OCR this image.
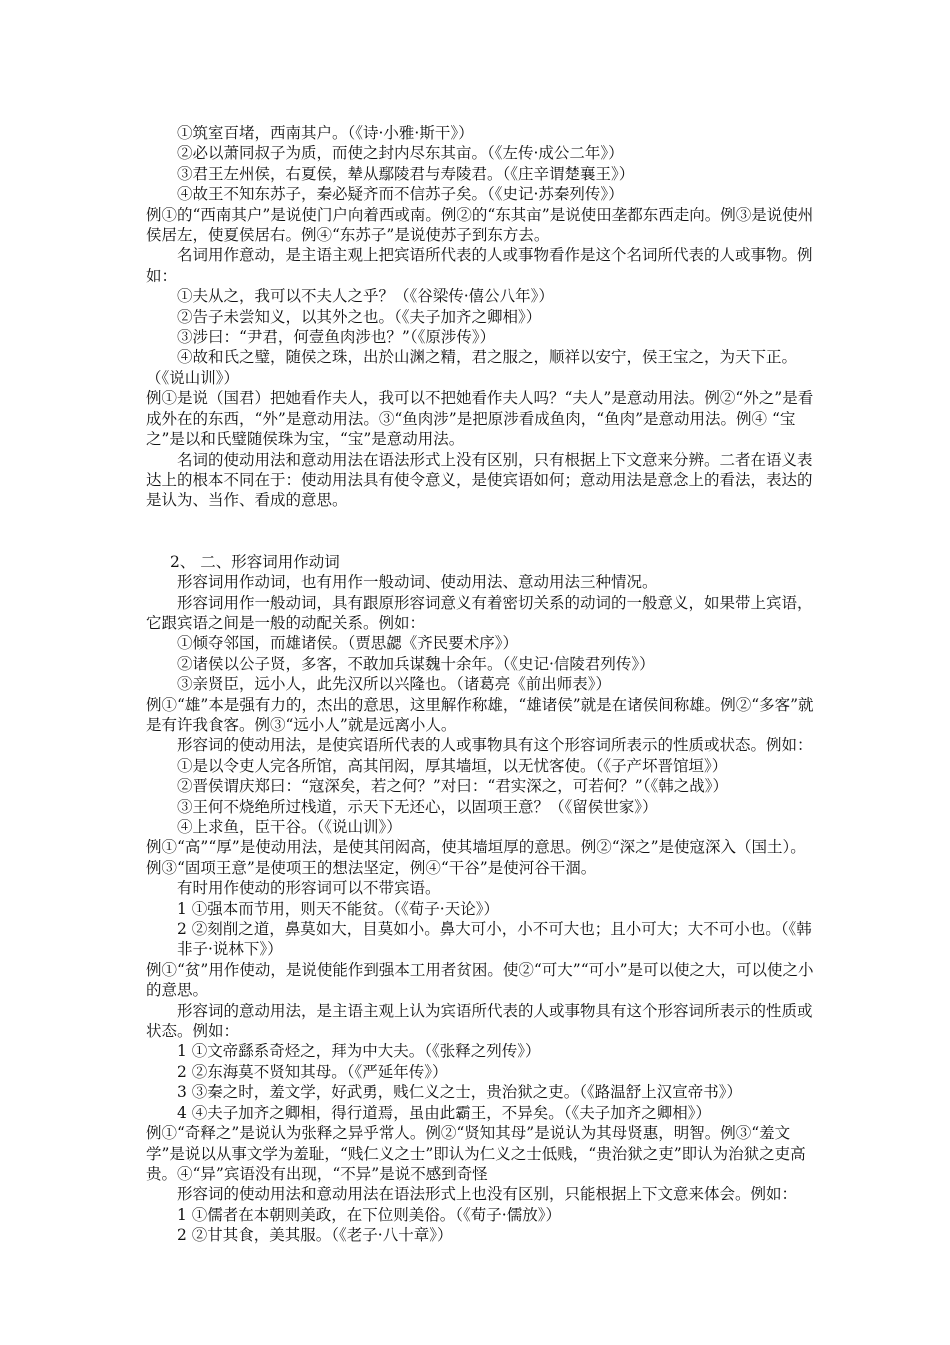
①筑室百堵，西南其户。（《诗·小雅·斯干》）

②必以萧同叔子为质，而使之封内尽东其亩。（《左传·成公二年》）

③君王左州侯，右夏侯，辇从鄢陵君与寿陵君。（《庄辛谓楚襄王》）

④故王不知东苏子，秦必疑齐而不信苏子矣。（《史记·苏秦列传》）

例①的“西南其户”是说使门户向着西或南。例②的“东其亩”是说使田垄都东西走向。例③是说使州侯居左，使夏侯居右。例④“东苏子”是说使苏子到东方去。

名词用作意动，是主语主观上把宾语所代表的人或事物看作是这个名词所代表的人或事物。例如：

①夫从之，我可以不夫人之乎？（《谷梁传·僖公八年》）

②告子未尝知义，以其外之也。（《夫子加齐之卿相》）

③涉曰：“尹君，何壹鱼肉涉也？”（《原涉传》）

④故和氏之璧，随侯之珠，出於山渊之精，君之服之，顺祥以安宁，侯王宝之，为天下正。（《说山训》）

例①是说（国君）把她看作夫人，我可以不把她看作夫人吗？“夫人”是意动用法。例②“外之”是看成外在的东西，“外”是意动用法。③“鱼肉涉”是把原涉看成鱼肉，“鱼肉”是意动用法。例④ “宝之”是以和氏璧随侯珠为宝，“宝”是意动用法。

名词的使动用法和意动用法在语法形式上没有区别，只有根据上下文意来分辨。二者在语义表达上的根本不同在于：使动用法具有使令意义，是使宾语如何；意动用法是意念上的看法，表达的是认为、当作、看成的意思。

2、 二、形容词用作动词

形容词用作动词，也有用作一般动词、使动用法、意动用法三种情况。

形容词用作一般动词，具有跟原形容词意义有着密切关系的动词的一般意义，如果带上宾语，它跟宾语之间是一般的动配关系。例如：

①倾夺邻国，而雄诸侯。（贾思勰《齐民要术序》）

②诸侯以公子贤，多客，不敢加兵谋魏十余年。（《史记·信陵君列传》）

③亲贤臣，远小人，此先汉所以兴隆也。（诸葛亮《前出师表》）

例①“雄”本是强有力的，杰出的意思，这里解作称雄，“雄诸侯”就是在诸侯间称雄。例②“多客”就是有许我食客。例③“远小人”就是远离小人。

形容词的使动用法，是使宾语所代表的人或事物具有这个形容词所表示的性质或状态。例如：

①是以令吏人完各所馆，高其闬闳，厚其墙垣，以无忧客使。（《子产坏晋馆垣》）

②晋侯谓庆郑曰：“寇深矣，若之何？”对曰：“君实深之，可若何？”（《韩之战》）

③王何不烧绝所过栈道，示天下无还心，以固项王意？（《留侯世家》）

④上求鱼，臣干谷。（《说山训》）

例①“高”“厚”是使动用法，是使其闬闳高，使其墙垣厚的意思。例②“深之”是使寇深入（国土）。例③“固项王意”是使项王的想法坚定，例④“干谷”是使河谷干涸。

有时用作使动的形容词可以不带宾语。

1 ①强本而节用，则天不能贫。（《荀子·天论》）

2 ②刻削之道，鼻莫如大，目莫如小。鼻大可小，小不可大也；且小可大；大不可小也。（《韩非子·说林下》）

例①“贫”用作使动，是说使能作到强本工用者贫困。使②“可大”“可小”是可以使之大，可以使之小的意思。

形容词的意动用法，是主语主观上认为宾语所代表的人或事物具有这个形容词所表示的性质或状态。例如：

1 ①文帝繇系奇烃之，拜为中大夫。（《张释之列传》）

2 ②东海莫不贤知其母。（《严延年传》）

3 ③秦之时，羞文学，好武勇，贱仁义之士，贵治狱之吏。（《路温舒上汉宣帝书》）

4 ④夫子加齐之卿相，得行道焉，虽由此霸王，不异矣。（《夫子加齐之卿相》）

例①“奇释之”是说认为张释之异乎常人。例②“贤知其母”是说认为其母贤惠，明智。例③“羞文学”是说以从事文学为羞耻，“贱仁义之士”即认为仁义之士低贱，“贵治狱之吏”即认为治狱之吏高贵。④“异”宾语没有出现，“不异”是说不感到奇怪

形容词的使动用法和意动用法在语法形式上也没有区别，只能根据上下文意来体会。例如：

1 ①儒者在本朝则美政，在下位则美俗。（《荀子·儒放》）

2 ②甘其食，美其服。（《老子·八十章》）
